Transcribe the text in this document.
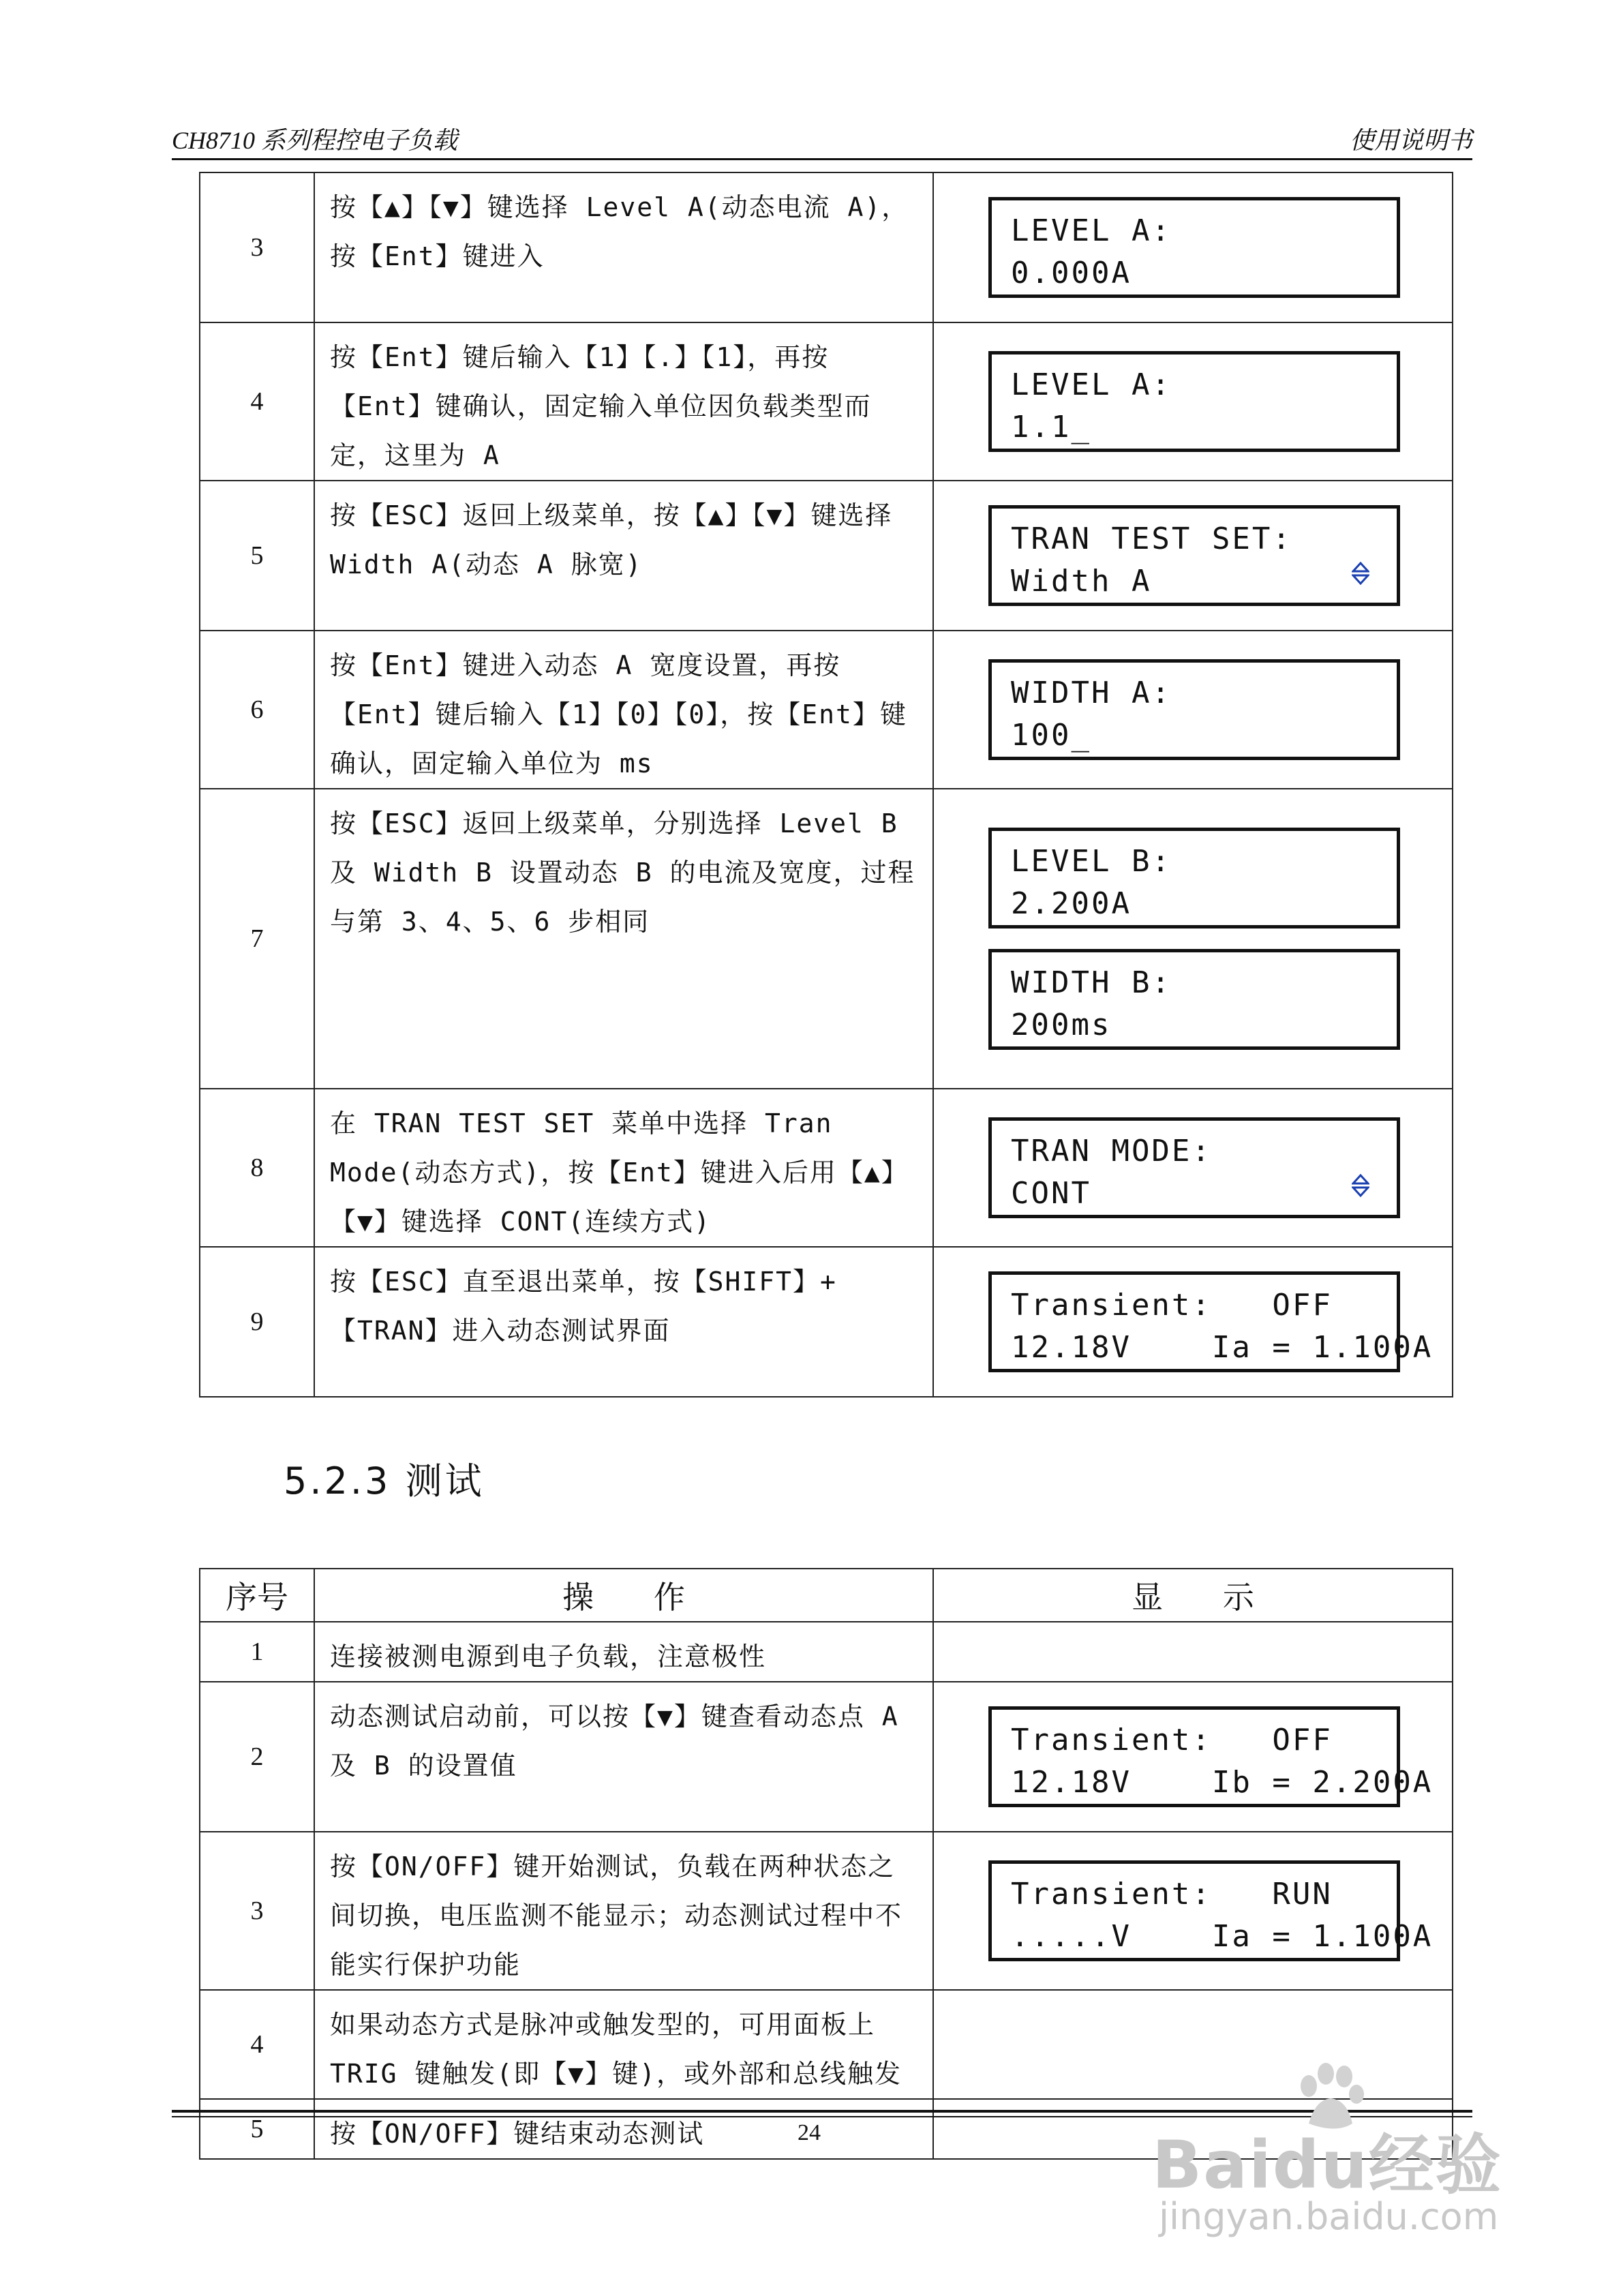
CH8710 系列程控电子负载	使用说明书
3	按【▲】【▼】键选择 Level A(动态电流 A)，按【Ent】键进入	LEVEL A:
0.000A

4	按【Ent】键后输入【1】【.】【1】，再按【Ent】键确认，固定输入单位因负载类型而定，这里为 A	LEVEL A:
1.1_

5	按【ESC】返回上级菜单，按【▲】【▼】键选择 Width A(动态 A 脉宽)	TRAN TEST SET:
Width A

6	按【Ent】键进入动态 A 宽度设置，再按【Ent】键后输入【1】【0】【0】，按【Ent】键确认，固定输入单位为 ms	WIDTH A:
100_

7	按【ESC】返回上级菜单，分别选择 Level B 及 Width B 设置动态 B 的电流及宽度，过程与第 3、4、5、6 步相同	LEVEL B:
2.200A
WIDTH B:
200ms

8	在 TRAN TEST SET 菜单中选择 Tran Mode(动态方式)，按【Ent】键进入后用【▲】【▼】键选择 CONT(连续方式)	TRAN MODE:
CONT

9	按【ESC】直至退出菜单，按【SHIFT】+【TRAN】进入动态测试界面	Transient:   OFF
12.18V    Ia = 1.100A
5.2.3 测试
序号	操      作	显      示
1	连接被测电源到电子负载，注意极性	
2	动态测试启动前，可以按【▼】键查看动态点 A 及 B 的设置值	Transient:   OFF
12.18V    Ib = 2.200A

3	按【ON/OFF】键开始测试，负载在两种状态之间切换，电压监测不能显示；动态测试过程中不能实行保护功能	Transient:   RUN
.....V    Ia = 1.100A

4	如果动态方式是脉冲或触发型的，可用面板上 TRIG 键触发(即【▼】键)，或外部和总线触发	
5	按【ON/OFF】键结束动态测试		24	Baidu经验
jingyan.baidu.com
